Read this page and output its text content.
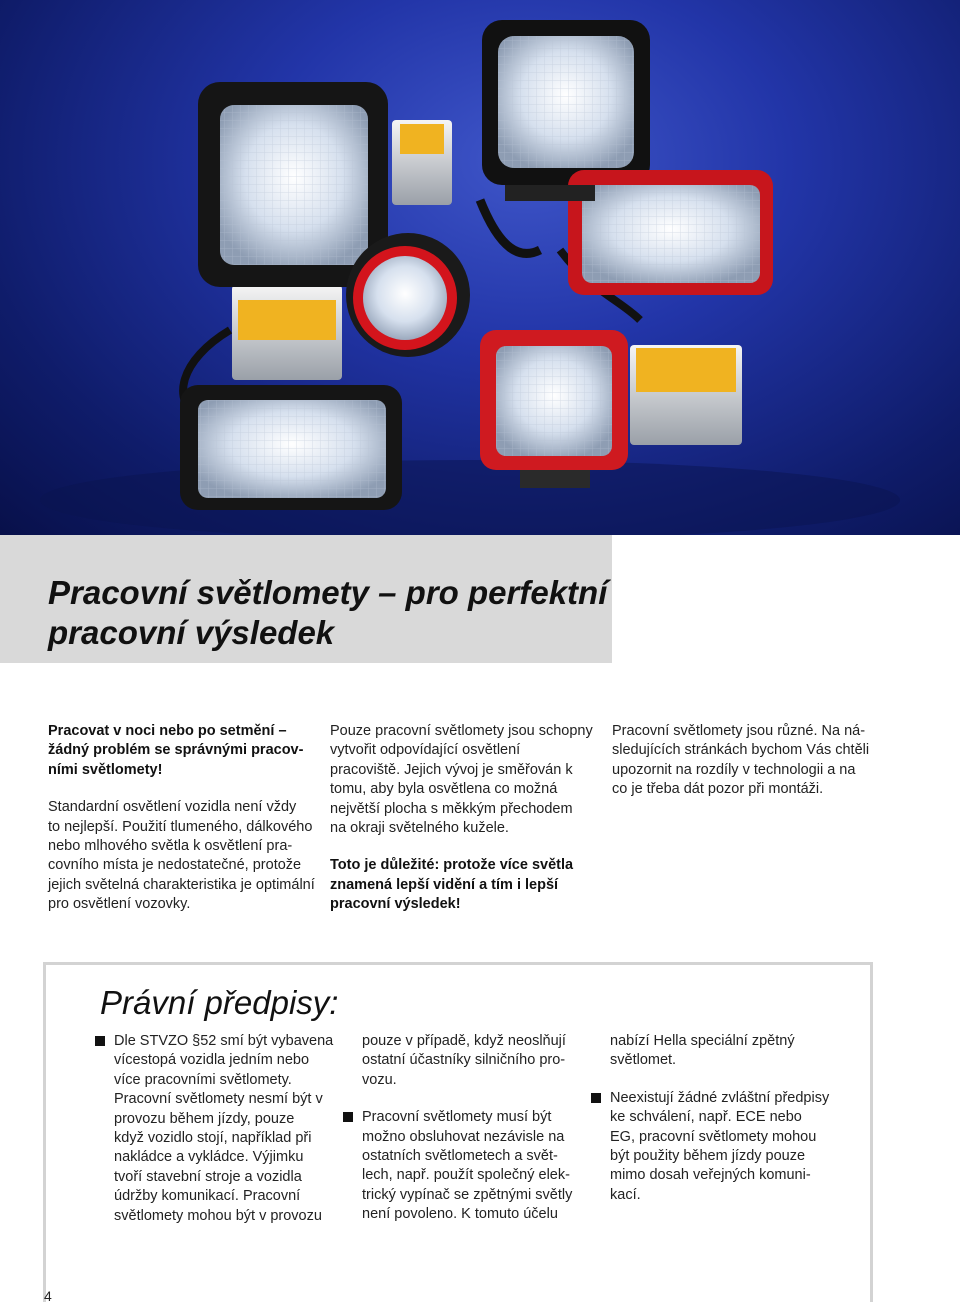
Pracovní světlomety – pro perfektní
pracovní výsledek

Pracovat v noci nebo po setmění –

žádný problém se správnými pracov-

ními světlomety!

Standardní osvětlení vozidla není vždy

to nejlepší. Použití tlumeného, dálkového

nebo mlhového světla k osvětlení pra-

covního místa je nedostatečné, protože

jejich světelná charakteristika je optimální

pro osvětlení vozovky.

Pouze pracovní světlomety jsou schopny

vytvořit odpovídající osvětlení

pracoviště. Jejich vývoj je směřován k

tomu, aby byla osvětlena co možná

největší plocha s měkkým přechodem

na okraji světelného kužele.

Toto je důležité: protože více světla

znamená lepší vidění a tím i lepší

pracovní výsledek!

Pracovní světlomety jsou různé. Na ná-

sledujících stránkách bychom Vás chtěli

upozornit na rozdíly v technologii a na

co je třeba dát pozor při montáži.

Právní předpisy:

Dle STVZO §52 smí být vybavena

vícestopá vozidla jedním nebo

více pracovními světlomety.

Pracovní světlomety nesmí být v

provozu během jízdy, pouze

když vozidlo stojí, například při

nakládce a vykládce. Výjimku

tvoří stavební stroje a vozidla

údržby komunikací. Pracovní

světlomety mohou být v provozu

pouze v případě, když neoslňují

ostatní účastníky silničního pro-

vozu.

Pracovní světlomety musí být

možno obsluhovat nezávisle na

ostatních světlometech a svět-

lech, např. použít společný elek-

trický vypínač se zpětnými světly

není povoleno. K tomuto účelu

nabízí Hella speciální zpětný

světlomet.

Neexistují žádné zvláštní předpisy

ke schválení, např. ECE nebo

EG, pracovní světlomety mohou

být použity během jízdy pouze

mimo dosah veřejných komuni-

kací.

4
